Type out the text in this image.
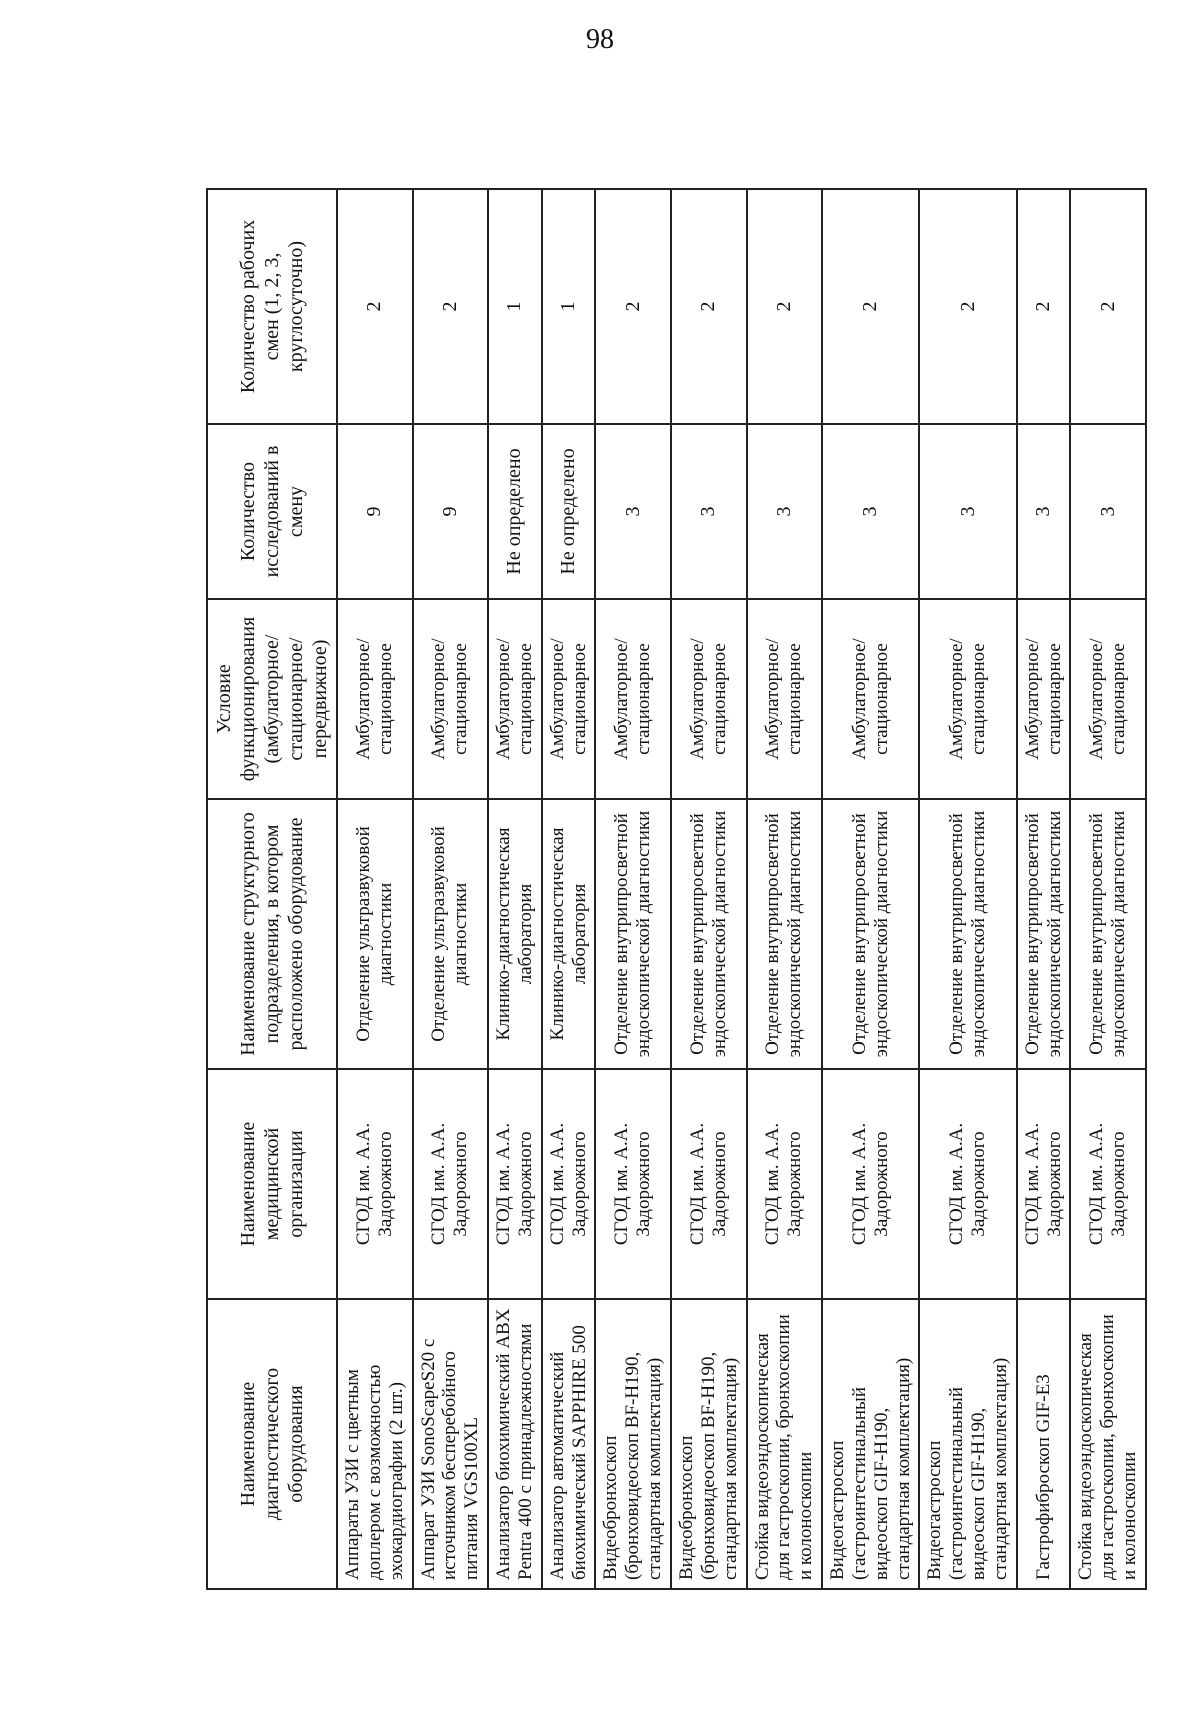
98
Наименование диагностического оборудования	Наименование медицинской организации	Наименование структурного подразделения, в котором расположено оборудование	Условие функционирования (амбулаторное/ стационарное/ передвижное)	Количество исследований в смену	Количество рабочих смен (1, 2, 3, круглосуточно)
Аппараты УЗИ с цветным доплером с возможностью эхокардиографии (2 шт.)	СГОД им. А.А. Задорожного	Отделение ультразвуковой диагностики	Амбулаторное/ стационарное	9	2
Аппарат УЗИ SonoScapeS20 с источником бесперебойного питания VGS100XL	СГОД им. А.А. Задорожного	Отделение ультразвуковой диагностики	Амбулаторное/ стационарное	9	2
Анализатор биохимический ABX Pentra 400 с принадлежностями	СГОД им. А.А. Задорожного	Клинико-диагностическая лаборатория	Амбулаторное/ стационарное	Не определено	1
Анализатор автоматический биохимический SAPPHIRE 500	СГОД им. А.А. Задорожного	Клинико-диагностическая лаборатория	Амбулаторное/ стационарное	Не определено	1
Видеобронхоскоп (бронховидеоскоп BF-H190, стандартная комплектация)	СГОД им. А.А. Задорожного	Отделение внутрипросветной эндоскопической диагностики	Амбулаторное/ стационарное	3	2
Видеобронхоскоп (бронховидеоскоп BF-H190, стандартная комплектация)	СГОД им. А.А. Задорожного	Отделение внутрипросветной эндоскопической диагностики	Амбулаторное/ стационарное	3	2
Стойка видеоэндоскопическая для гастроскопии, бронхоскопии и колоноскопии	СГОД им. А.А. Задорожного	Отделение внутрипросветной эндоскопической диагностики	Амбулаторное/ стационарное	3	2
Видеогастроскоп (гастроинтестинальный видеоскоп GIF-H190, стандартная комплектация)	СГОД им. А.А. Задорожного	Отделение внутрипросветной эндоскопической диагностики	Амбулаторное/ стационарное	3	2
Видеогастроскоп (гастроинтестинальный видеоскоп GIF-H190, стандартная комплектация)	СГОД им. А.А. Задорожного	Отделение внутрипросветной эндоскопической диагностики	Амбулаторное/ стационарное	3	2
Гастрофиброскоп GIF-E3	СГОД им. А.А. Задорожного	Отделение внутрипросветной эндоскопической диагностики	Амбулаторное/ стационарное	3	2
Стойка видеоэндоскопическая для гастроскопии, бронхоскопии и колоноскопии	СГОД им. А.А. Задорожного	Отделение внутрипросветной эндоскопической диагностики	Амбулаторное/ стационарное	3	2
